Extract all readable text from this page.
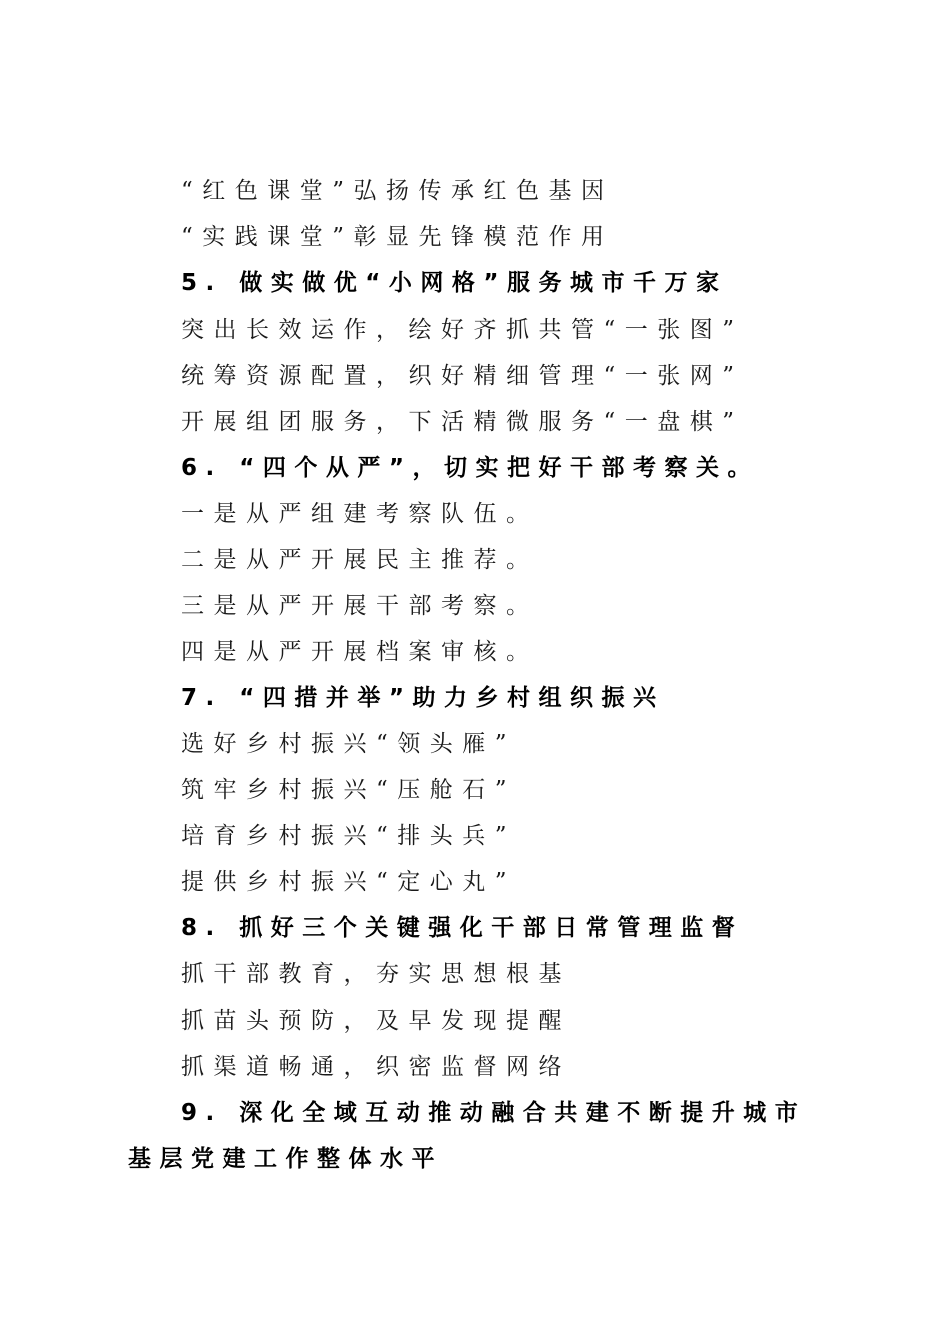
“红色课堂”弘扬传承红色基因
“实践课堂”彰显先锋模范作用
5. 做实做优“小网格”服务城市千万家
突出长效运作，绘好齐抓共管“一张图”
统筹资源配置，织好精细管理“一张网”
开展组团服务，下活精微服务“一盘棋”
6. “四个从严”，切实把好干部考察关。
一是从严组建考察队伍。
二是从严开展民主推荐。
三是从严开展干部考察。
四是从严开展档案审核。
7. “四措并举”助力乡村组织振兴
选好乡村振兴“领头雁”
筑牢乡村振兴“压舱石”
培育乡村振兴“排头兵”
提供乡村振兴“定心丸”
8. 抓好三个关键强化干部日常管理监督
抓干部教育，夯实思想根基
抓苗头预防，及早发现提醒
抓渠道畅通，织密监督网络
9. 深化全域互动推动融合共建不断提升城市
基层党建工作整体水平
